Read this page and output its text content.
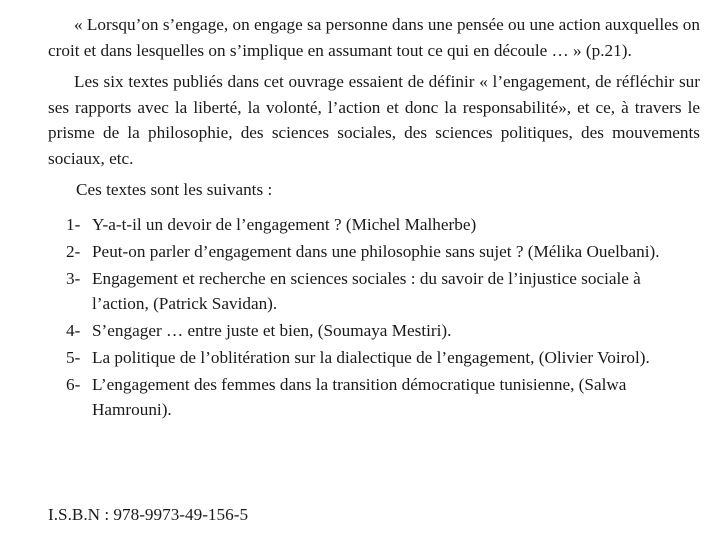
« Lorsqu’on s’engage, on engage sa personne dans une pensée ou une action auxquelles on croit et dans lesquelles on s’implique en assumant tout ce qui en découle … » (p.21).

Les six textes publiés dans cet ouvrage essaient de définir « l’engagement, de réfléchir sur ses rapports avec la liberté, la volonté, l’action et donc la responsabilité», et ce, à travers le prisme de la philosophie, des sciences sociales, des sciences politiques, des mouvements sociaux, etc.

Ces textes sont les suivants :

1- Y-a-t-il un devoir de l’engagement ? (Michel Malherbe)
2- Peut-on parler d’engagement dans une philosophie sans sujet ? (Mélika Ouelbani).
3- Engagement et recherche en sciences sociales : du savoir de l’injustice sociale à l’action, (Patrick Savidan).
4- S’engager … entre juste et bien, (Soumaya Mestiri).
5- La politique de l’oblitération sur la dialectique de l’engagement, (Olivier Voirol).
6- L’engagement des femmes dans la transition démocratique tunisienne, (Salwa Hamrouni).

I.S.B.N : 978-9973-49-156-5
